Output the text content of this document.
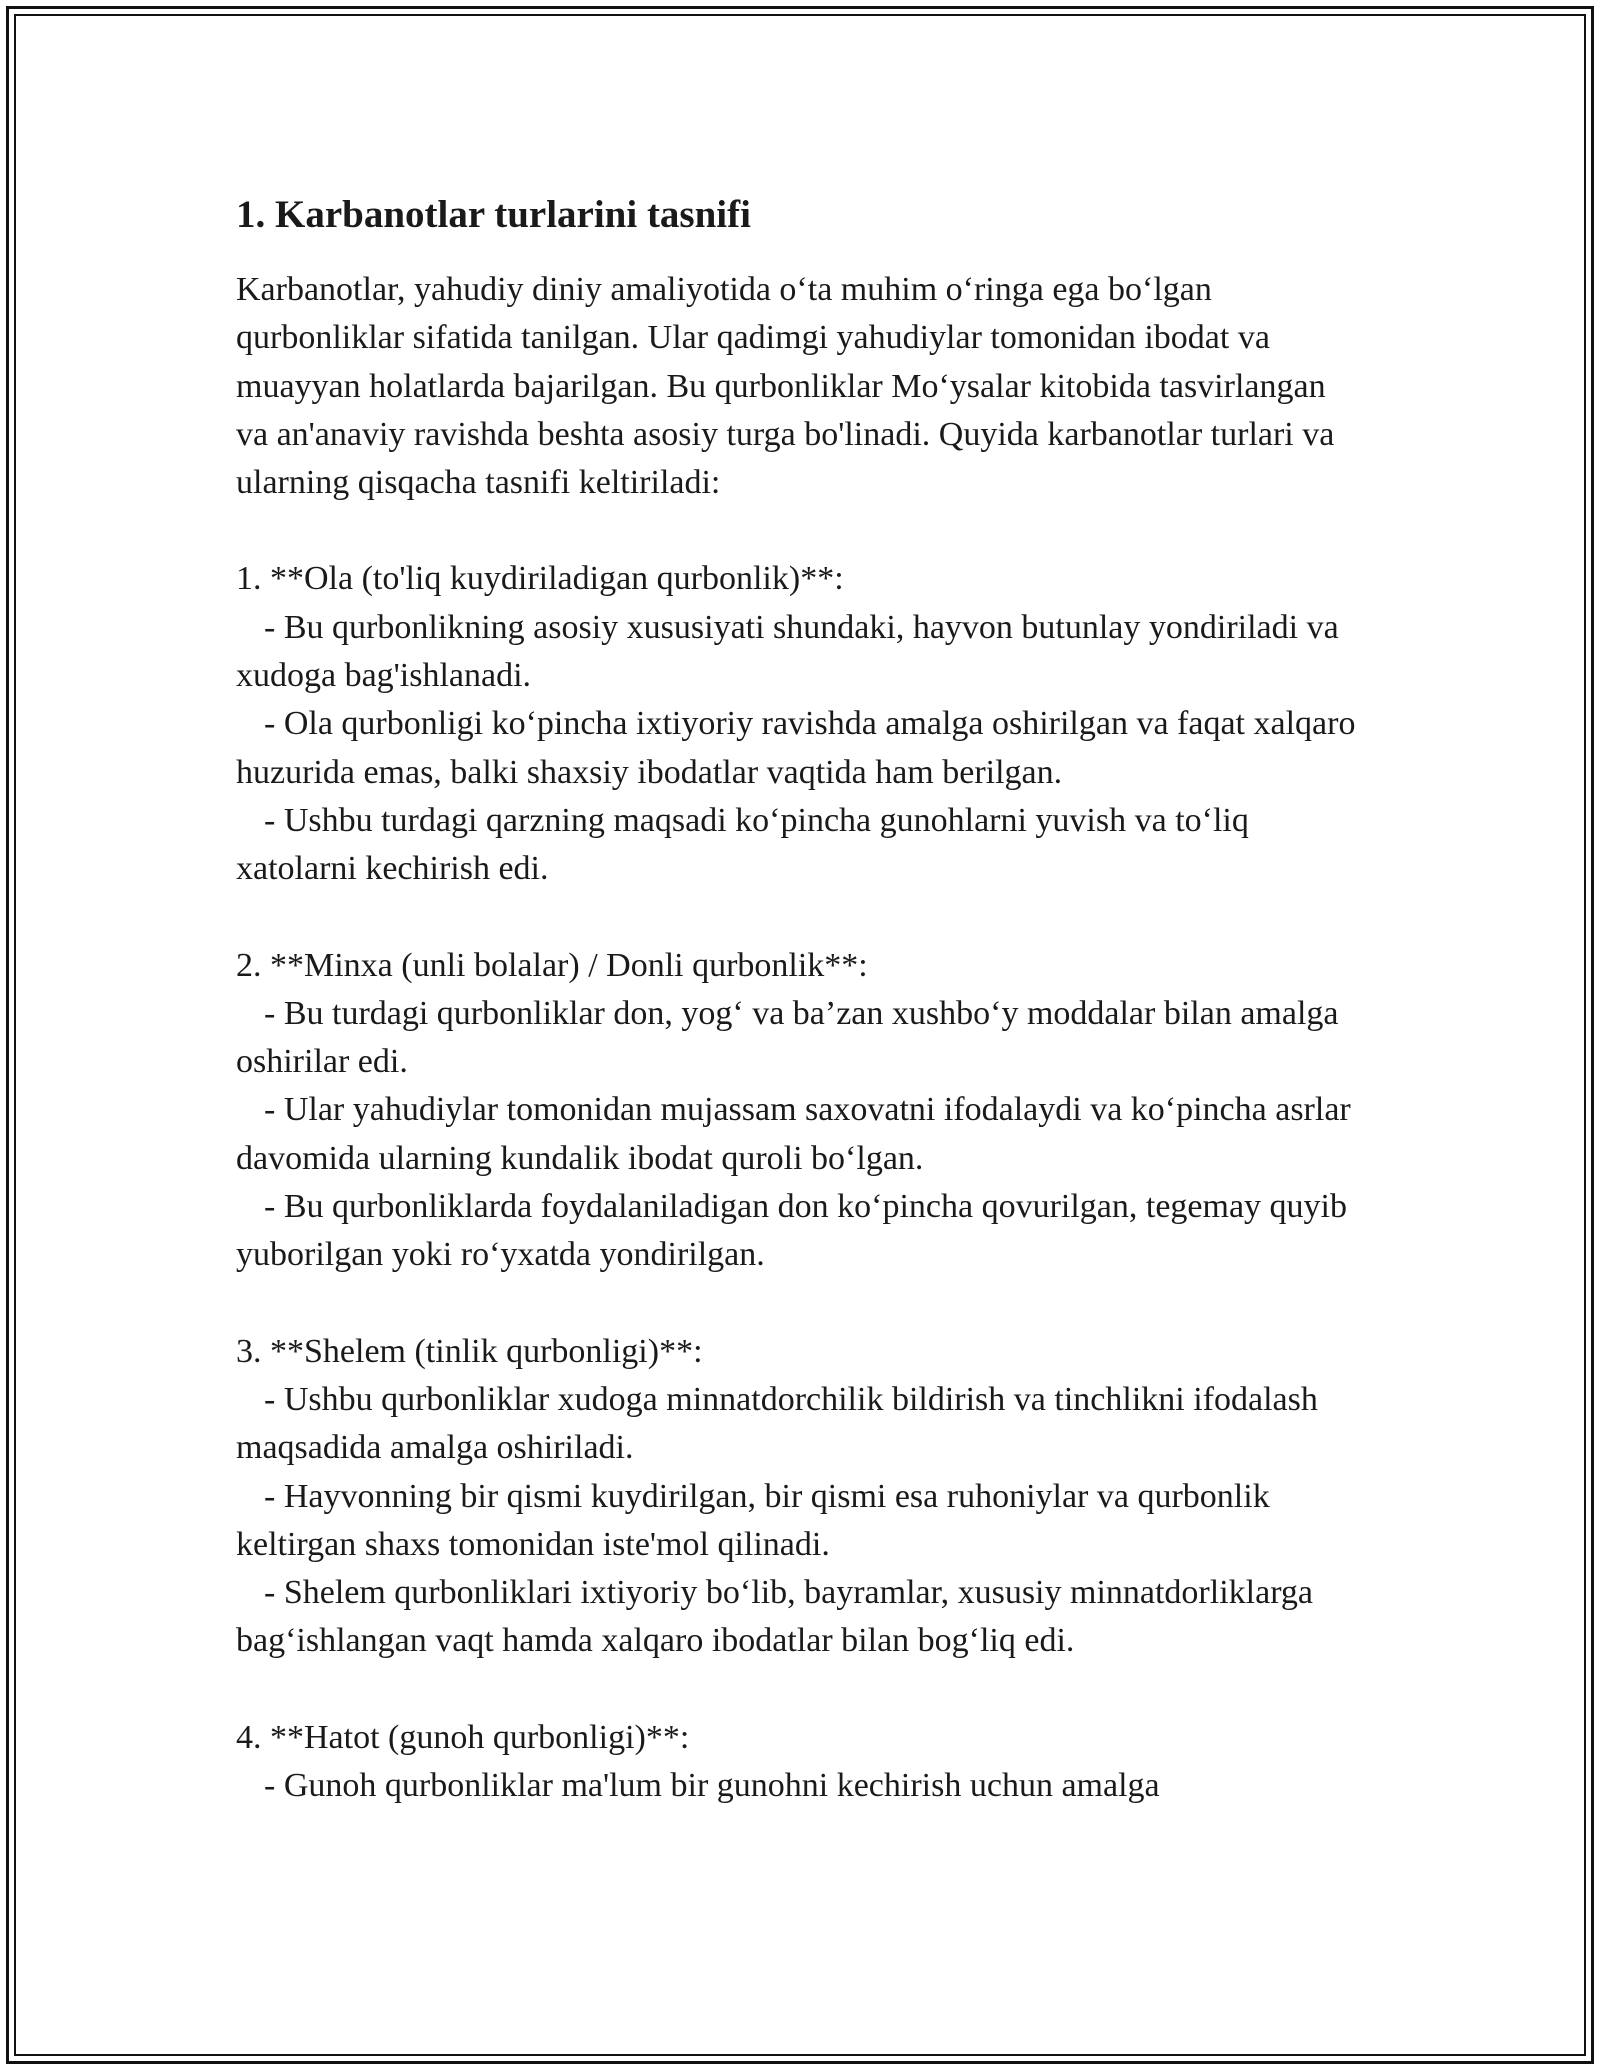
1. Karbanotlar turlarini tasnifi

Karbanotlar, yahudiy diniy amaliyotida o‘ta muhim o‘ringa ega bo‘lgan qurbonliklar sifatida tanilgan. Ular qadimgi yahudiylar tomonidan ibodat va muayyan holatlarda bajarilgan. Bu qurbonliklar Mo‘ysalar kitobida tasvirlangan va an'anaviy ravishda beshta asosiy turga bo'linadi. Quyida karbanotlar turlari va ularning qisqacha tasnifi keltiriladi:

1. **Ola (to'liq kuydiriladigan qurbonlik)**:

- Bu qurbonlikning asosiy xususiyati shundaki, hayvon butunlay yondiriladi va xudoga bag'ishlanadi.

- Ola qurbonligi ko‘pincha ixtiyoriy ravishda amalga oshirilgan va faqat xalqaro huzurida emas, balki shaxsiy ibodatlar vaqtida ham berilgan.

- Ushbu turdagi qarzning maqsadi ko‘pincha gunohlarni yuvish va to‘liq xatolarni kechirish edi.

2. **Minxa (unli bolalar) / Donli qurbonlik**:

- Bu turdagi qurbonliklar don, yog‘ va ba’zan xushbo‘y moddalar bilan amalga oshirilar edi.

- Ular yahudiylar tomonidan mujassam saxovatni ifodalaydi va ko‘pincha asrlar davomida ularning kundalik ibodat quroli bo‘lgan.

- Bu qurbonliklarda foydalaniladigan don ko‘pincha qovurilgan, tegemay quyib yuborilgan yoki ro‘yxatda yondirilgan.

3. **Shelem (tinlik qurbonligi)**:

- Ushbu qurbonliklar xudoga minnatdorchilik bildirish va tinchlikni ifodalash maqsadida amalga oshiriladi.

- Hayvonning bir qismi kuydirilgan, bir qismi esa ruhoniylar va qurbonlik keltirgan shaxs tomonidan iste'mol qilinadi.

- Shelem qurbonliklari ixtiyoriy bo‘lib, bayramlar, xususiy minnatdorliklarga bag‘ishlangan vaqt hamda xalqaro ibodatlar bilan bog‘liq edi.

4. **Hatot (gunoh qurbonligi)**:

- Gunoh qurbonliklar ma'lum bir gunohni kechirish uchun amalga
